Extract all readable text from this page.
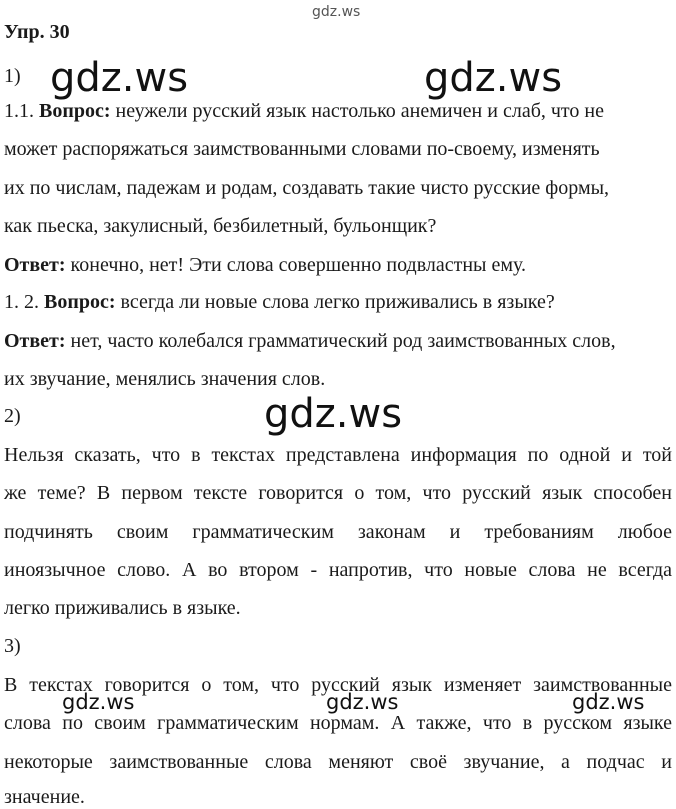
gdz.ws
gdz.ws	gdz.ws
gdz.ws
gdz.ws	gdz.ws	gdz.ws
Упр. 30
1)
1.1. Вопрос: неужели русский язык настолько анемичен и слаб, что не
может распоряжаться заимствованными словами по-своему, изменять
их по числам, падежам и родам, создавать такие чисто русские формы,
как пьеска, закулисный, безбилетный, бульонщик?
Ответ: конечно, нет! Эти слова совершенно подвластны ему.
1. 2. Вопрос: всегда ли новые слова легко приживались в языке?
Ответ: нет, часто колебался грамматический род заимствованных слов,
их звучание, менялись значения слов.
2)
Нельзя сказать, что в текстах представлена информация по одной и той
же теме? В первом тексте говорится о том, что русский язык способен
подчинять своим грамматическим законам и требованиям любое
иноязычное слово. А во втором - напротив, что новые слова не всегда
легко приживались в языке.
3)
В текстах говорится о том, что русский язык изменяет заимствованные
слова по своим грамматическим нормам. А также, что в русском языке
некоторые заимствованные слова меняют своё звучание, а подчас и
значение.
